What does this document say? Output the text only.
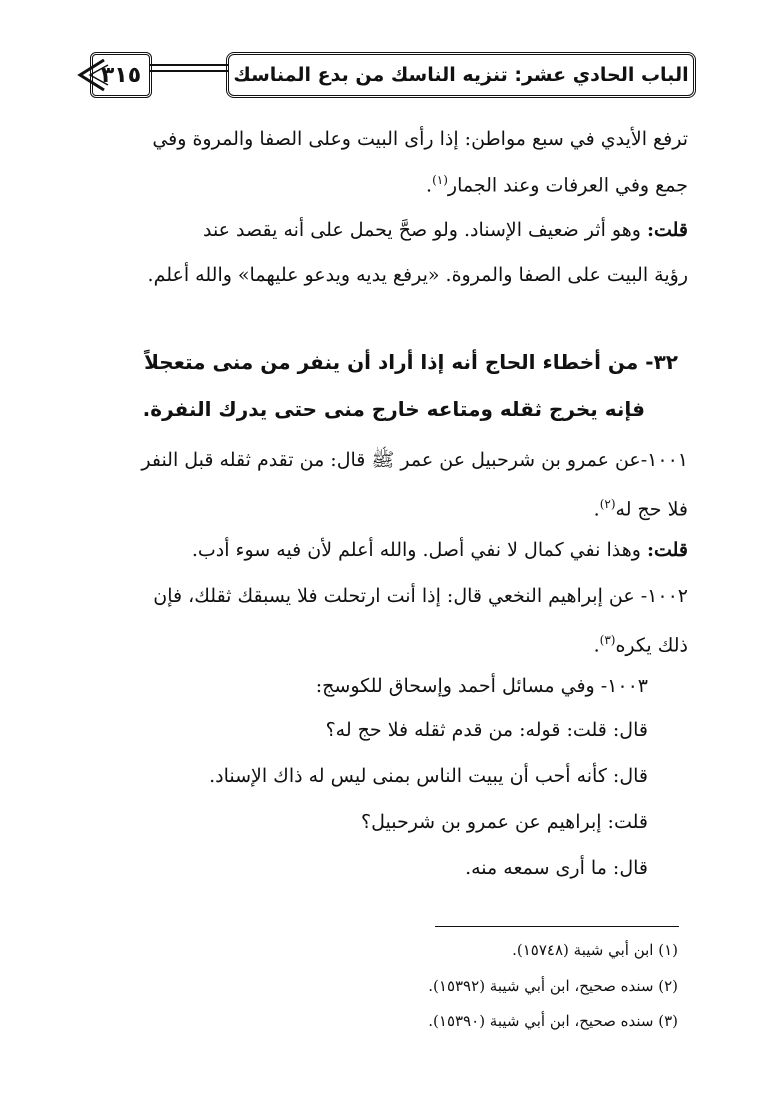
الباب الحادي عشر: تنزيه الناسك من بدع المناسك
٣١٥
ترفع الأيدي في سبع مواطن: إذا رأى البيت وعلى الصفا والمروة وفي
جمع وفي العرفات وعند الجمار$^{(١)}$.
قلت: وهو أثر ضعيف الإسناد. ولو صحَّ يحمل على أنه يقصد عند
رؤية البيت على الصفا والمروة. «يرفع يديه ويدعو عليهما» والله أعلم.
٣٢- من أخطاء الحاج أنه إذا أراد أن ينفر من منى متعجلاً
فإنه يخرج ثقله ومتاعه خارج منى حتى يدرك النفرة.
١٠٠١-عن عمرو بن شرحبيل عن عمر ﷺ قال: من تقدم ثقله قبل النفر
فلا حج له$^{(٢)}$.
قلت: وهذا نفي كمال لا نفي أصل. والله أعلم لأن فيه سوء أدب.
١٠٠٢- عن إبراهيم النخعي قال: إذا أنت ارتحلت فلا يسبقك ثقلك، فإن
ذلك يكره$^{(٣)}$.
١٠٠٣- وفي مسائل أحمد وإسحاق للكوسج:
قال: قلت: قوله: من قدم ثقله فلا حج له؟
قال: كأنه أحب أن يبيت الناس بمنى ليس له ذاك الإسناد.
قلت: إبراهيم عن عمرو بن شرحبيل؟
قال: ما أرى سمعه منه.
(١) ابن أبي شيبة (١٥٧٤٨).
(٢) سنده صحيح، ابن أبي شيبة (١٥٣٩٢).
(٣) سنده صحيح، ابن أبي شيبة (١٥٣٩٠).
